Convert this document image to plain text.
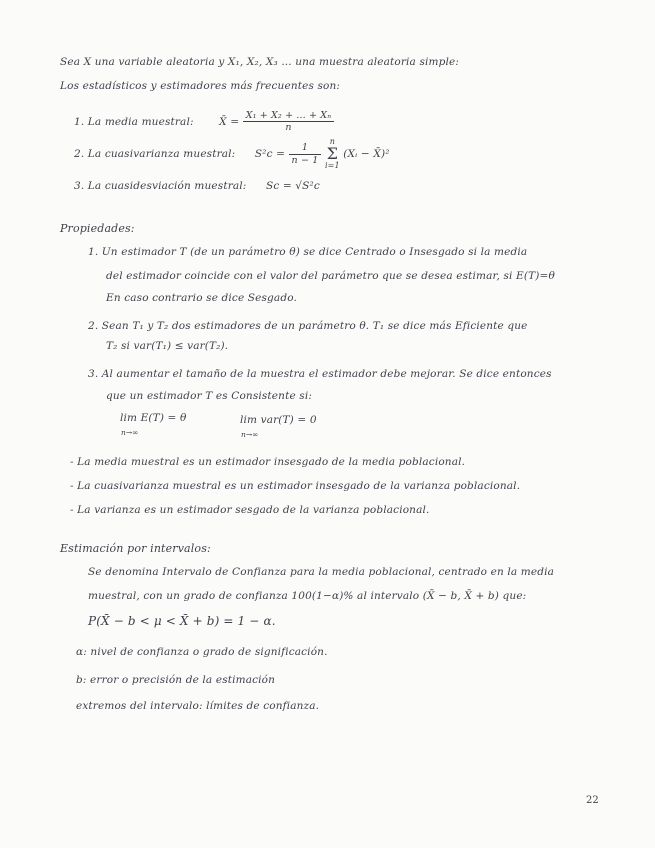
Sea X una variable aleatoria y X₁, X₂, X₃ ... una muestra aleatoria simple:
Los estadísticos y estimadores más frecuentes son:
1. La media muestral: X̄ = $\frac{\text{X₁ + X₂ + ... + Xₙ}}{n}$
2. La cuasivarianza muestral: $S^2c = \frac{1}{n - 1}$
n
Σ
i=1 (Xᵢ − X̄)²
3. La cuasidesviación muestral: Sc = √S²c
Propiedades:
1. Un estimador T (de un parámetro θ) se dice Centrado o Insesgado si la media
del estimador coincide con el valor del parámetro que se desea estimar, si E(T)=θ
En caso contrario se dice Sesgado.
2. Sean T₁ y T₂ dos estimadores de un parámetro θ. T₁ se dice más Eficiente que
T₂ si var(T₁) ≤ var(T₂).
3. Al aumentar el tamaño de la muestra el estimador debe mejorar. Se dice entonces
que un estimador T es Consistente si:
lim E(T) = θ
n→∞
lim var(T) = 0
n→∞
- La media muestral es un estimador insesgado de la media poblacional.
- La cuasivarianza muestral es un estimador insesgado de la varianza poblacional.
- La varianza es un estimador sesgado de la varianza poblacional.
Estimación por intervalos:
Se denomina Intervalo de Confianza para la media poblacional, centrado en la media
muestral, con un grado de confianza 100(1−α)% al intervalo (X̄ − b, X̄ + b) que:
P(X̄ − b < μ < X̄ + b) = 1 − α.
α: nivel de confianza o grado de significación.
b: error o precisión de la estimación
extremos del intervalo: límites de confianza.
22
